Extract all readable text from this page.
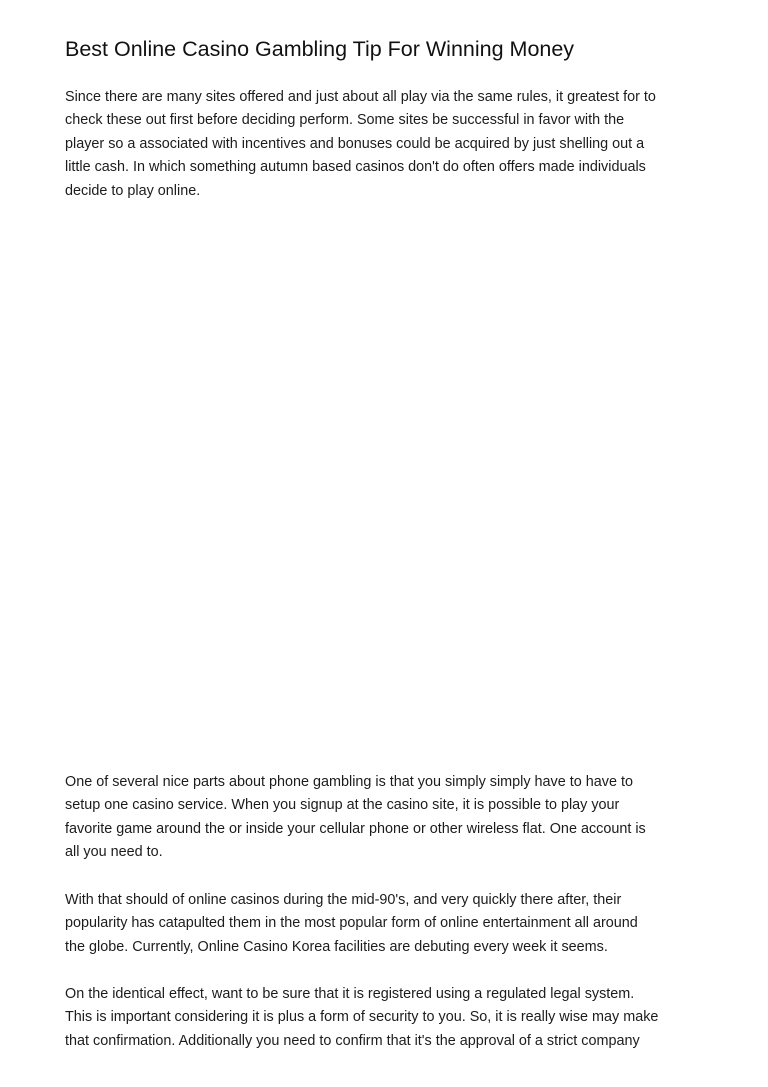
Best Online Casino Gambling Tip For Winning Money

Since there are many sites offered and just about all play via the same rules, it greatest for to
check these out first before deciding perform. Some sites be successful in favor with the
player so a associated with incentives and bonuses could be acquired by just shelling out a
little cash. In which something autumn based casinos don't do often offers made individuals
decide to play online.

One of several nice parts about phone gambling is that you simply simply have to have to
setup one casino service. When you signup at the casino site, it is possible to play your
favorite game around the or inside your cellular phone or other wireless flat. One account is
all you need to.

With that should of online casinos during the mid-90's, and very quickly there after, their
popularity has catapulted them in the most popular form of online entertainment all around
the globe. Currently, Online Casino Korea facilities are debuting every week it seems.

On the identical effect, want to be sure that it is registered using a regulated legal system.
This is important considering it is plus a form of security to you. So, it is really wise may make
that confirmation. Additionally you need to confirm that it's the approval of a strict company
